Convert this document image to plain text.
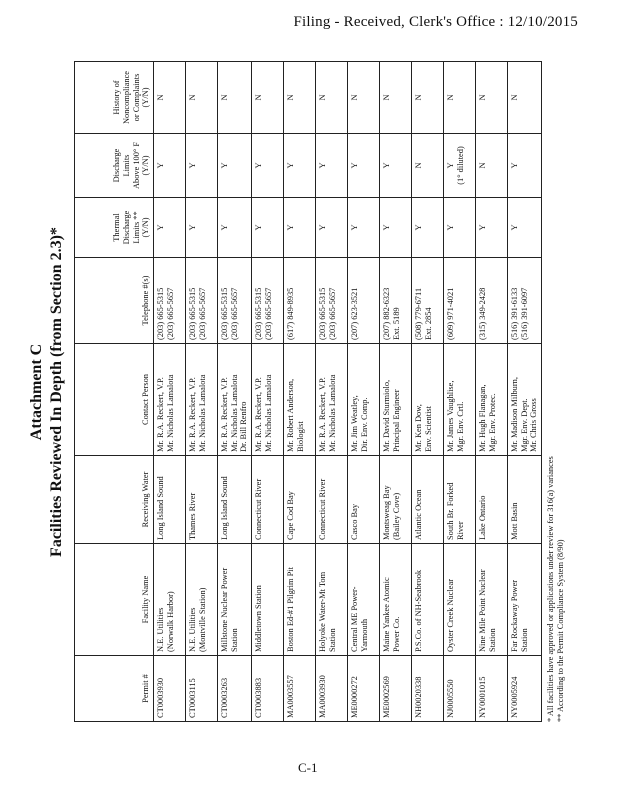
Filing - Received, Clerk's Office : 12/10/2015
Attachment C Facilities Reviewed In Depth (from Section 2.3)*
Permit #	Facility Name	Receiving Water	Contact Person	Telephone #(s)	Thermal Discharge Limits ** (Y/N)	Discharge Limits Above 100° F (Y/N)	History of Noncompliance or Complaints (Y/N)

CT0003930	N.E. Utilities (Norwalk Harbor)	Long Island Sound	Mr. R.A. Reckert, V.P. Mr. Nicholas Lamalota	(203) 665-5315 (203) 665-5657	Y	Y	N
CT0003115	N.E. Utilities (Montville Station)	Thames River	Mr. R.A. Reckert, V.P. Mr. Nicholas Lamalota	(203) 665-5315 (203) 665-5657	Y	Y	N
CT0003263	Millstone Nuclear Power Station	Long Island Sound	Mr. R.A. Reckert, V.P. Mr. Nicholas Lamalota Dr. Bill Renfro	(203) 665-5315 (203) 665-5657	Y	Y	N
CT0003883	Middletown Station	Connecticut River	Mr. R.A. Reckert, V.P. Mr. Nicholas Lamalota	(203) 665-5315 (203) 665-5657	Y	Y	N
MA0003557	Boston Ed-#1 Pilgrim Pit	Cape Cod Bay	Mr. Robert Anderson, Biologist	(617) 849-8935	Y	Y	N
MA0003930	Holyoke Water-Mt Tom Station	Connecticut River	Mr. R.A. Reckert, V.P. Mr. Nicholas Lamalota	(203) 665-5315 (203) 665-5657	Y	Y	N
ME0000272	Central ME Power- Yarmouth	Casco Bay	Mr. Jim Weatley, Dir. Env. Comp.	(207) 623-3521	Y	Y	N
ME0002569	Maine Yankee Atomic Power Co.	Montsweag Bay (Bailey Cove)	Mr. David Sturmiolo, Principal Engineer	(207) 882-6323 Ext. 5189	Y	Y	N
NH0020338	P.S.Co. of NH-Seabrook	Atlantic Ocean	Mr. Ken Dow, Env. Scientist	(508) 779-6711 Ext. 2854	Y	N	N
NJ0005550	Oyster Creek Nuclear	South Br. Forked River	Mr. James Vaughlise, Mgr. Env. Crtl.	(609) 971-4021	Y	Y (1° diluted)	N
NY0001015	Nine Mile Point Nuclear Station	Lake Ontario	Mr. Hugh Flanagan, Mgr. Env. Protec.	(315) 349-2428	Y	N	N
NY0005924	Far Rockaway Power Station	Mott Basin	Mr. Madison Milburn, Mgr. Env. Dept. Mr. Chris Gross	(516) 391-6133 (516) 391-6097	Y	Y	N
* All facilities have approved or applications under review for 316(a) variances ** According to the Permit Compliance System (8/90)
C-1
